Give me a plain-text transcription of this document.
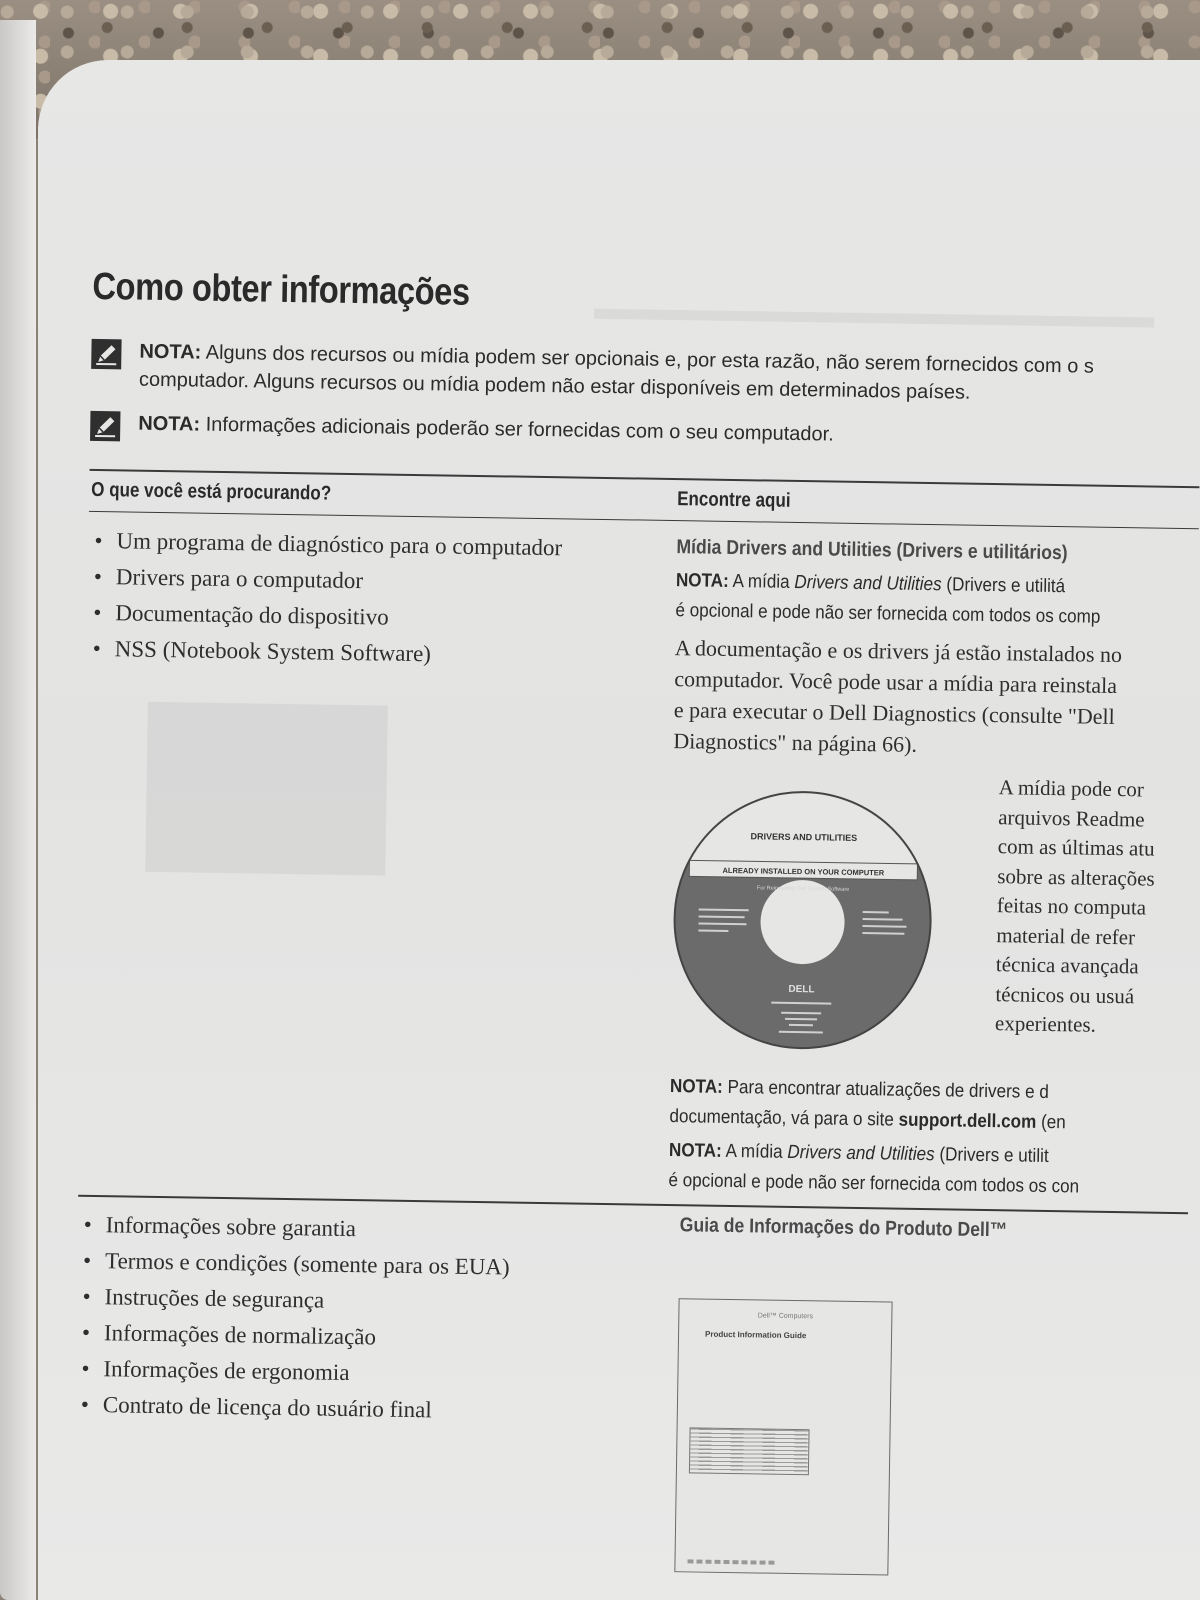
Como obter informações
NOTA: Alguns dos recursos ou mídia podem ser opcionais e, por esta razão, não serem fornecidos com o s
computador. Alguns recursos ou mídia podem não estar disponíveis em determinados países.
NOTA: Informações adicionais poderão ser fornecidas com o seu computador.
O que você está procurando?	Encontre aqui
• Um programa de diagnóstico para o computador
• Drivers para o computador
• Documentação do dispositivo
• NSS (Notebook System Software)
Mídia Drivers and Utilities (Drivers e utilitários)
NOTA: A mídia Drivers and Utilities (Drivers e utilitá
é opcional e pode não ser fornecida com todos os comp
A documentação e os drivers já estão instalados no
computador. Você pode usar a mídia para reinstala
e para executar o Dell Diagnostics (consulte "Dell
Diagnostics" na página 66).
DRIVERS AND UTILITIES
ALREADY INSTALLED ON YOUR COMPUTER
For Reinstalling Dell System Software
DELL
A mídia pode cor
arquivos Readme
com as últimas atu
sobre as alterações
feitas no computa
material de refer
técnica avançada
técnicos ou usuá
experientes.
NOTA: Para encontrar atualizações de drivers e d
documentação, vá para o site support.dell.com (en
NOTA: A mídia Drivers and Utilities (Drivers e utilit
é opcional e pode não ser fornecida com todos os con
• Informações sobre garantia
• Termos e condições (somente para os EUA)
• Instruções de segurança
• Informações de normalização
• Informações de ergonomia
• Contrato de licença do usuário final
Guia de Informações do Produto Dell™
Dell™ Computers
Product Information Guide
